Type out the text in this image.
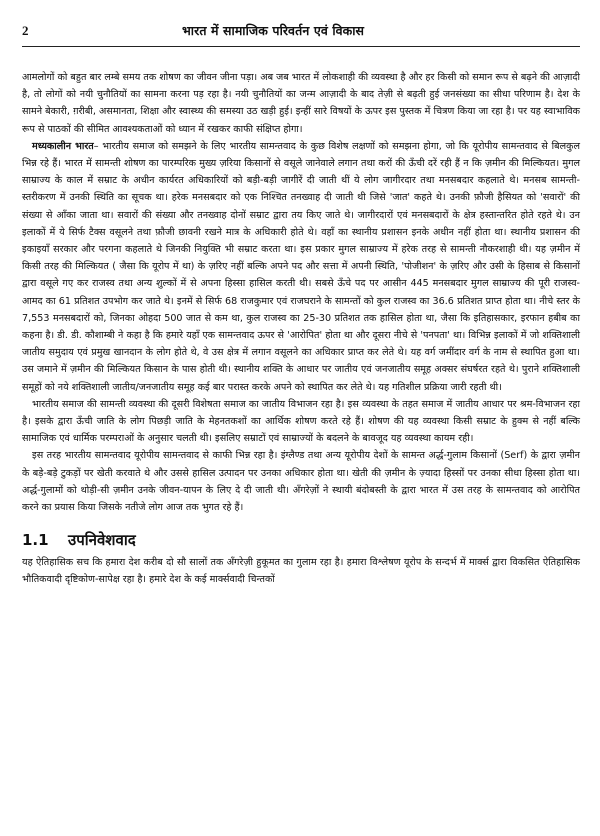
2	भारत में सामाजिक परिवर्तन एवं विकास

आमलोगों को बहुत बार लम्बे समय तक शोषण का जीवन जीना पड़ा। अब जब भारत में लोकशाही की व्यवस्था है और हर किसी को समान रूप से बढ़ने की आज़ादी है, तो लोगों को नयी चुनौतियों का सामना करना पड़ रहा है। नयी चुनौतियों का जन्म आज़ादी के बाद तेज़ी से बढ़ती हुई जनसंख्या का सीधा परिणाम है। देश के सामने बेकारी, ग़रीबी, असमानता, शिक्षा और स्वास्थ्य की समस्या उठ खड़ी हुई। इन्हीं सारे विषयों के ऊपर इस पुस्तक में चित्रण किया जा रहा है। पर यह स्वाभाविक रूप से पाठकों की सीमित आवश्यकताओं को ध्यान में रखकर काफी संक्षिप्त होगा।

मध्यकालीन भारत– भारतीय समाज को समझने के लिए भारतीय सामन्तवाद के कुछ विशेष लक्षणों को समझना होगा, जो कि यूरोपीय सामन्तवाद से बिलकुल भिन्न रहे हैं। भारत में सामन्ती शोषण का पारम्परिक मुख्य ज़रिया किसानों से वसूले जानेवाले लगान तथा करों की ऊँची दरें रही हैं न कि ज़मीन की मिल्कियत। मुगल साम्राज्य के काल में सम्राट के अधीन कार्यरत अधिकारियों को बड़ी-बड़ी जागीरें दी जाती थीं ये लोग जागीरदार तथा मनसबदार कहलाते थे। मनसब सामन्ती-स्तरीकरण में उनकी स्थिति का सूचक था। हरेक मनसबदार को एक निश्चित तनख्वाह दी जाती थी जिसे 'जात' कहते थे। उनकी फ़ौजी हैसियत को 'सवारों' की संख्या से आँका जाता था। सवारों की संख्या और तनख्वाह दोनों सम्राट द्वारा तय किए जाते थे। जागीरदारों एवं मनसबदारों के क्षेत्र हस्तान्तरित होते रहते थे। उन इलाकों में ये सिर्फ टैक्स वसूलने तथा फ़ौजी छावनी रखने मात्र के अधिकारी होते थे। वहाँ का स्थानीय प्रशासन इनके अधीन नहीं होता था। स्थानीय प्रशासन की इकाइयाँ सरकार और परगना कहलाते थे जिनकी नियुक्ति भी सम्राट करता था। इस प्रकार मुगल साम्राज्य में हरेक तरह से सामन्ती नौकरशाही थी। यह ज़मीन में किसी तरह की मिल्कियत ( जैसा कि यूरोप में था) के ज़रिए नहीं बल्कि अपने पद और सत्ता में अपनी स्थिति, 'पोजीशन' के ज़रिए और उसी के हिसाब से किसानों द्वारा वसूले गए कर राजस्व तथा अन्य शुल्कों में से अपना हिस्सा हासिल करती थी। सबसे ऊँचे पद पर आसीन 445 मनसबदार मुगल साम्राज्य की पूरी राजस्व-आमद का 61 प्रतिशत उपभोग कर जाते थे। इनमें से सिर्फ 68 राजकुमार एवं राजघराने के सामन्तों को कुल राजस्व का 36.6 प्रतिशत प्राप्त होता था। नीचे स्तर के 7,553 मनसबदारों को, जिनका ओहदा 500 जात से कम था, कुल राजस्व का 25-30 प्रतिशत तक हासिल होता था, जैसा कि इतिहासकार, इरफान हबीब का कहना है। डी. डी. कौशाम्बी ने कहा है कि हमारे यहाँ एक सामन्तवाद ऊपर से 'आरोपित' होता था और दूसरा नीचे से 'पनपता' था। विभिन्न इलाकों में जो शक्तिशाली जातीय समुदाय एवं प्रमुख खानदान के लोग होते थे, वे उस क्षेत्र में लगान वसूलने का अधिकार प्राप्त कर लेते थे। यह वर्ग जमींदार वर्ग के नाम से स्थापित हुआ था। उस जमाने में ज़मीन की मिल्कियत किसान के पास होती थी। स्थानीय शक्ति के आधार पर जातीय एवं जनजातीय समूह अक्सर संघर्षरत रहते थे। पुराने शक्तिशाली समूहों को नये शक्तिशाली जातीय/जनजातीय समूह कई बार परास्त करके अपने को स्थापित कर लेते थे। यह गतिशील प्रक्रिया जारी रहती थी।

भारतीय समाज की सामन्ती व्यवस्था की दूसरी विशेषता समाज का जातीय विभाजन रहा है। इस व्यवस्था के तहत समाज में जातीय आधार पर श्रम-विभाजन रहा है। इसके द्वारा ऊँची जाति के लोग पिछड़ी जाति के मेहनतकशों का आर्थिक शोषण करते रहे हैं। शोषण की यह व्यवस्था किसी सम्राट के हुक्म से नहीं बल्कि सामाजिक एवं धार्मिक परम्पराओं के अनुसार चलती थी। इसलिए सम्राटों एवं साम्राज्यों के बदलने के बावजूद यह व्यवस्था कायम रही।

इस तरह भारतीय सामन्तवाद यूरोपीय सामन्तवाद से काफी भिन्न रहा है। इंग्लैण्ड तथा अन्य यूरोपीय देशों के सामन्त अर्द्ध-गुलाम किसानों (Serf) के द्वारा ज़मीन के बड़े-बड़े टुकड़ों पर खेती करवाते थे और उससे हासिल उत्पादन पर उनका अधिकार होता था। खेती की ज़मीन के ज़्यादा हिस्सों पर उनका सीधा हिस्सा होता था। अर्द्ध-गुलामों को थोड़ी-सी ज़मीन उनके जीवन-यापन के लिए दे दी जाती थी। अँगरेज़ों ने स्थायी बंदोबस्ती के द्वारा भारत में उस तरह के सामन्तवाद को आरोपित करने का प्रयास किया जिसके नतीजे लोग आज तक भुगत रहे हैं।

1.1	उपनिवेशवाद
यह ऐतिहासिक सच कि हमारा देश करीब दो सौ सालों तक अँगरेज़ी हुकूमत का गुलाम रहा है। हमारा विश्लेषण यूरोप के सन्दर्भ में मार्क्स द्वारा विकसित ऐतिहासिक भौतिकवादी दृष्टिकोण-सापेक्ष रहा है। हमारे देश के कई मार्क्सवादी चिन्तकों
